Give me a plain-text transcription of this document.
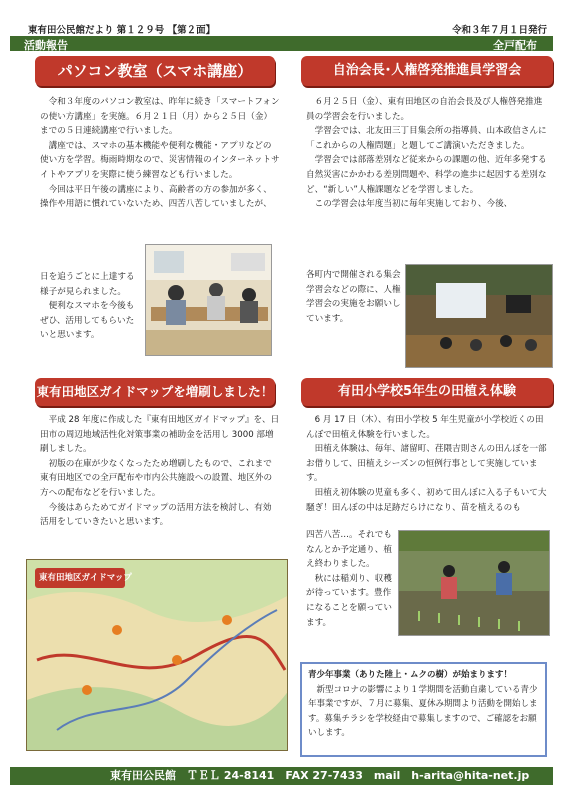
東有田公民館だより 第１２９号 【第２面】	令和３年７月１日発行
活動報告	全戸配布
パソコン教室（スマホ講座）

令和３年度のパソコン教室は、昨年に続き「スマートフォンの使い方講座」を実施。６月２１日（月）から２５日（金）までの５日連続講座で行いました。

講座では、スマホの基本機能や便利な機能・アプリなどの使い方を学習。梅雨時期なので、災害情報のインターネットサイトやアプリを実際に使う練習なども行いました。

今回は平日午後の講座により、高齢者の方の参加が多く、操作や用語に慣れていないため、四苦八苦していましたが、

日を追うごとに上達する様子が見られました。

便利なスマホを今後もぜひ、活用してもらいたいと思います。

自治会長･人権啓発推進員学習会

６月２５日（金）、東有田地区の自治会長及び人権啓発推進員の学習会を行いました。

学習会では、北友田三丁目集会所の指導員、山本政信さんに「これからの人権問題」と題してご講演いただきました。

学習会では部落差別など従来からの課題の他、近年多発する自然災害にかかわる差別問題や、科学の進歩に起因する差別など、“新しい”人権課題などを学習しました。

この学習会は年度当初に毎年実施しており、今後、

各町内で開催される集会学習会などの際に、人権学習会の実施をお願いしています。
東有田地区ガイドマップを増刷しました！

平成 28 年度に作成した『東有田地区ガイドマップ』を、日田市の周辺地域活性化対策事業の補助金を活用し 3000 部増刷しました。

初版の在庫が少なくなったため増刷したもので、これまで東有田地区での全戸配布や市内公共施設への設置、地区外の方への配布などを行いました。

今後はあらためてガイドマップの活用方法を検討し、有効活用をしていきたいと思います。

東有田地区ガイドマップ
有田小学校5年生の田植え体験

6 月 17 日（木）、有田小学校 5 年生児童が小学校近くの田んぼで田植え体験を行いました。

田植え体験は、毎年、諸留町、荏隈吉則さんの田んぼを一部お借りして、田植えシーズンの恒例行事として実施しています。

田植え初体験の児童も多く、初めて田んぼに入る子もいて大騒ぎ！田んぼの中は足跡だらけになり、苗を植えるのも

四苦八苦…。それでもなんとか予定通り、植え終わりました。

秋には稲刈り、収穫が待っています。豊作になることを願っています。

青少年事業（ありた陸上・ムクの樹）が始まります！

新型コロナの影響により１学期間を活動自粛している青少年事業ですが、７月に募集、夏休み期間より活動を開始します。募集チラシを学校経由で募集しますので、ご確認をお願いします。

東有田公民館　ＴＥＬ 24-8141　FAX 27-7433　mail　h-arita@hita-net.jp
